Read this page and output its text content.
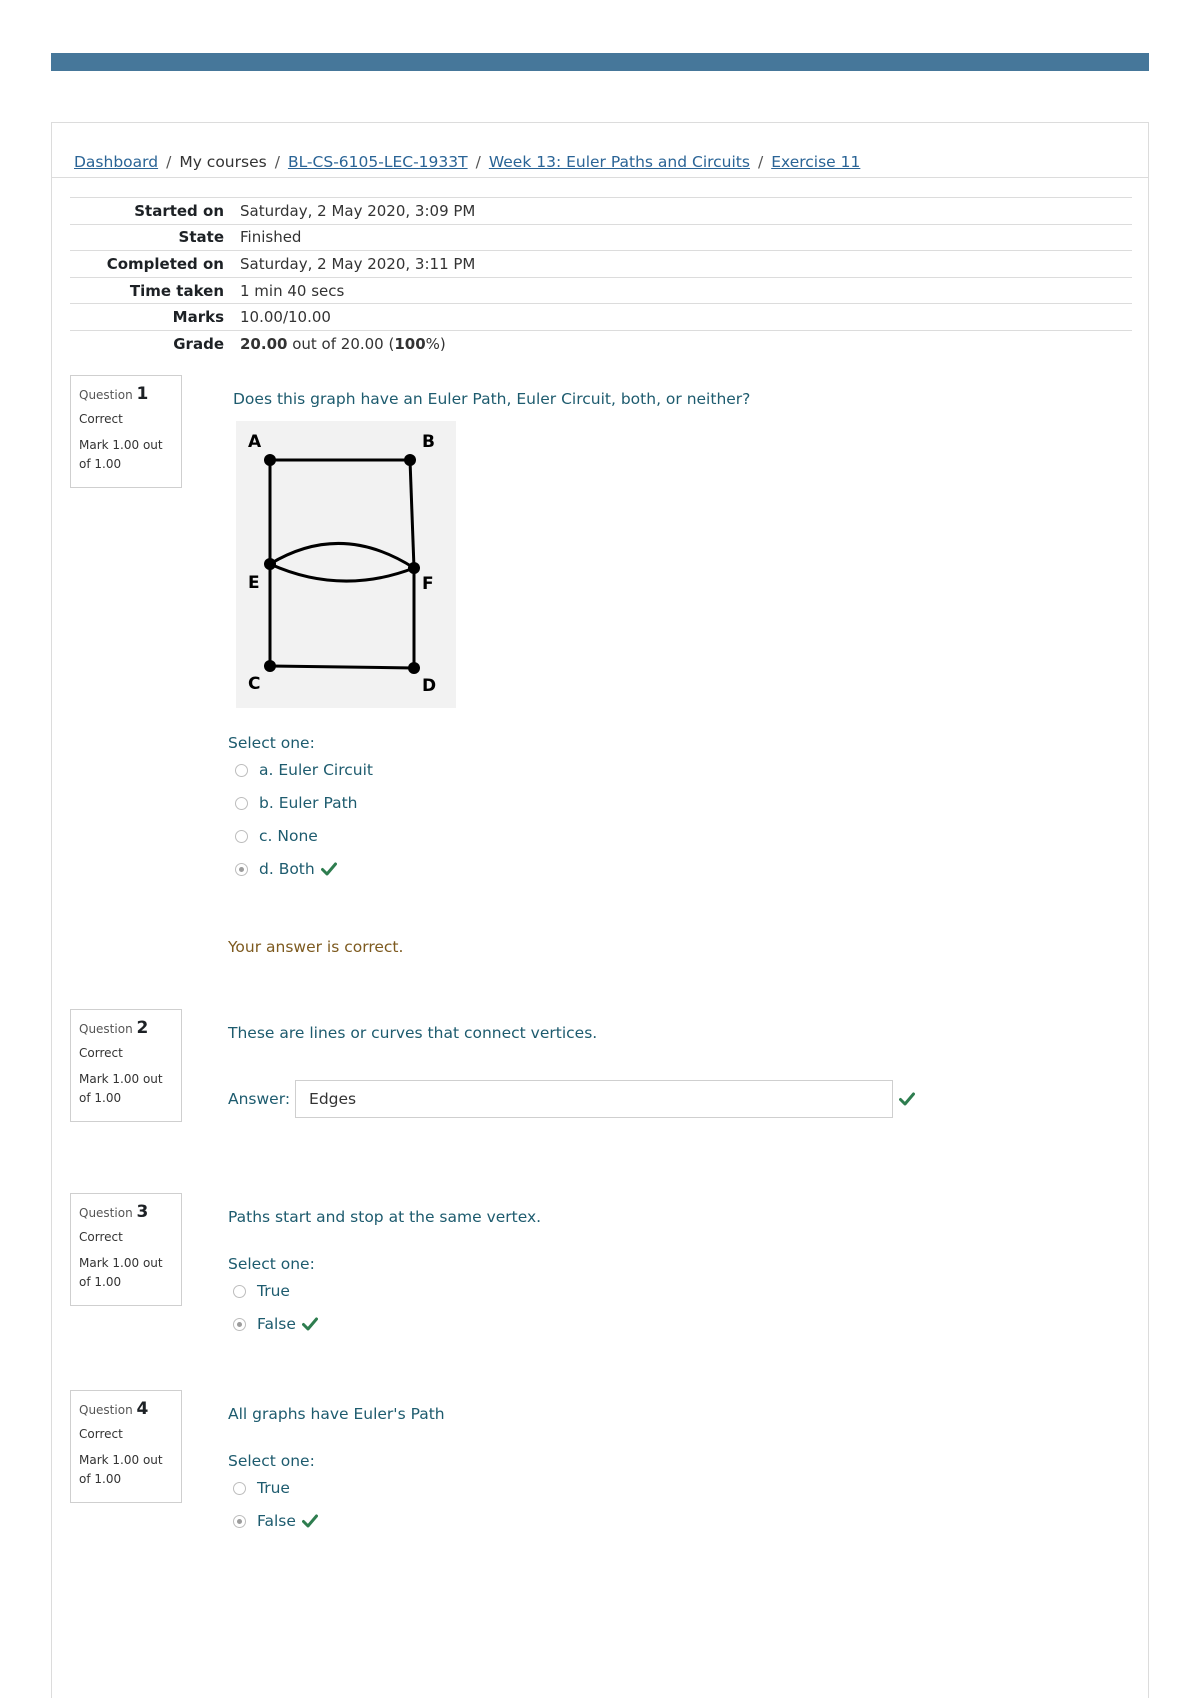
Dashboard / My courses / BL-CS-6105-LEC-1933T / Week 13: Euler Paths and Circuits / Exercise 11
Started on Saturday, 2 May 2020, 3:09 PM
State Finished
Completed on Saturday, 2 May 2020, 3:11 PM
Time taken 1 min 40 secs
Marks 10.00/10.00
Grade 20.00 out of 20.00 (100%)
Question 1
Correct
Mark 1.00 out of 1.00
Does this graph have an Euler Path, Euler Circuit, both, or neither?
A	B
E	F
C	D
Select one:
a. Euler Circuit
b. Euler Path
c. None
d. Both
Your answer is correct.
Question 2
Correct
Mark 1.00 out of 1.00
These are lines or curves that connect vertices.
Answer:	Edges
Question 3
Correct
Mark 1.00 out of 1.00
Paths start and stop at the same vertex.
Select one:
True
False
Question 4
Correct
Mark 1.00 out of 1.00
All graphs have Euler's Path
Select one:
True
False
